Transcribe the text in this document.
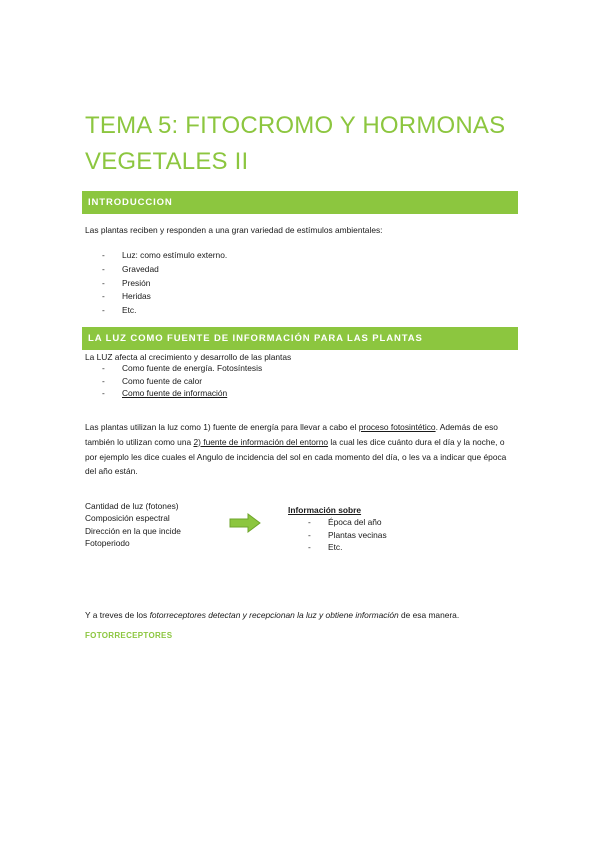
TEMA 5: FITOCROMO Y HORMONAS VEGETALES II
INTRODUCCION

Las plantas reciben y responden a una gran variedad de estímulos ambientales:

- Luz: como estímulo externo.
- Gravedad
- Presión
- Heridas
- Etc.
LA LUZ COMO FUENTE DE INFORMACIÓN PARA LAS PLANTAS

La LUZ afecta al crecimiento y desarrollo de las plantas

- Como fuente de energía. Fotosíntesis
- Como fuente de calor
- Como fuente de información

Las plantas utilizan la luz como 1) fuente de energía para llevar a cabo el proceso fotosintético. Además de eso también lo utilizan como una 2) fuente de información del entorno la cual les dice cuánto dura el día y la noche, o por ejemplo les dice cuales el Angulo de incidencia del sol en cada momento del día, o les va a indicar que época del año están.

Cantidad de luz (fotones)
Composición espectral
Dirección en la que incide
Fotoperiodo
Información sobre
- Época del año
- Plantas vecinas
- Etc.

Y a treves de los fotorreceptores detectan y recepcionan la luz y obtiene información de esa manera.

FOTORRECEPTORES
